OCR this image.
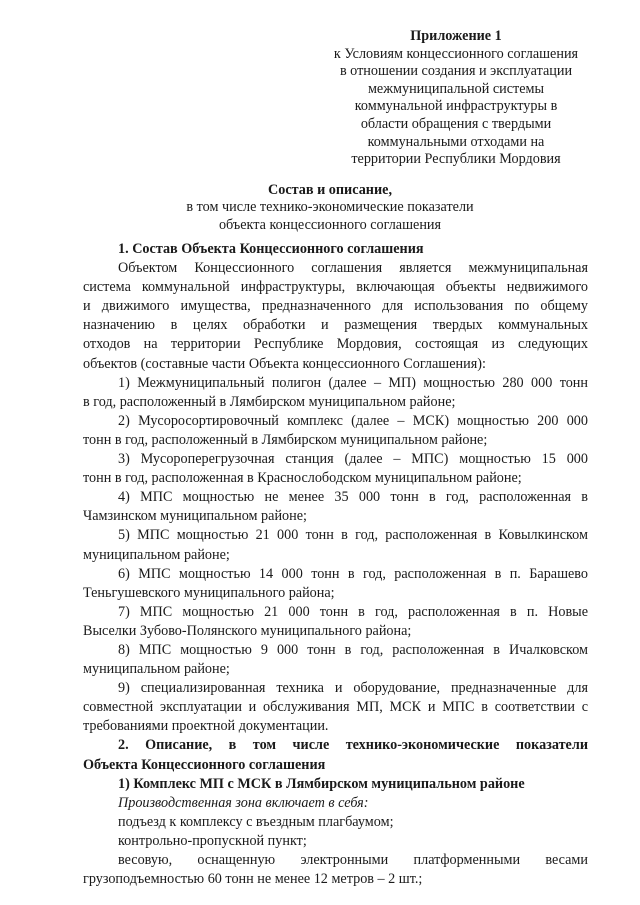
Приложение 1
к Условиям концессионного соглашения
в отношении создания и эксплуатации
межмуниципальной системы
коммунальной инфраструктуры в
области обращения с твердыми
коммунальными отходами на
территории Республики Мордовия
Состав и описание,
в том числе технико-экономические показатели
объекта концессионного соглашения
1. Состав Объекта Концессионного соглашения
Объектом Концессионного соглашения является межмуниципальная
система коммунальной инфраструктуры, включающая объекты недвижимого
и движимого имущества, предназначенного для использования по общему
назначению в целях обработки и размещения твердых коммунальных
отходов на территории Республике Мордовия, состоящая из следующих
объектов (составные части Объекта концессионного Соглашения):
1) Межмуниципальный полигон (далее – МП) мощностью 280 000 тонн
в год, расположенный в Лямбирском муниципальном районе;
2) Мусоросортировочный комплекс (далее – МСК) мощностью 200 000
тонн в год, расположенный в Лямбирском муниципальном районе;
3) Мусороперегрузочная станция (далее – МПС) мощностью 15 000
тонн в год, расположенная в Краснослободском муниципальном районе;
4) МПС мощностью не менее 35 000 тонн в год, расположенная в
Чамзинском муниципальном районе;
5) МПС мощностью 21 000 тонн в год, расположенная в Ковылкинском
муниципальном районе;
6) МПС мощностью 14 000 тонн в год, расположенная в п. Барашево
Теньгушевского муниципального района;
7) МПС мощностью 21 000 тонн в год, расположенная в п. Новые
Выселки Зубово-Полянского муниципального района;
8) МПС мощностью 9 000 тонн в год, расположенная в Ичалковском
муниципальном районе;
9) специализированная техника и оборудование, предназначенные для
совместной эксплуатации и обслуживания МП, МСК и МПС в соответствии с
требованиями проектной документации.
2. Описание, в том числе технико-экономические показатели
Объекта Концессионного соглашения
1) Комплекс МП с МСК в Лямбирском муниципальном районе
Производственная зона включает в себя:
подъезд к комплексу с въездным плагбаумом;
контрольно-пропускной пункт;
весовую, оснащенную электронными платформенными весами
грузоподъемностью 60 тонн не менее 12 метров – 2 шт.;
